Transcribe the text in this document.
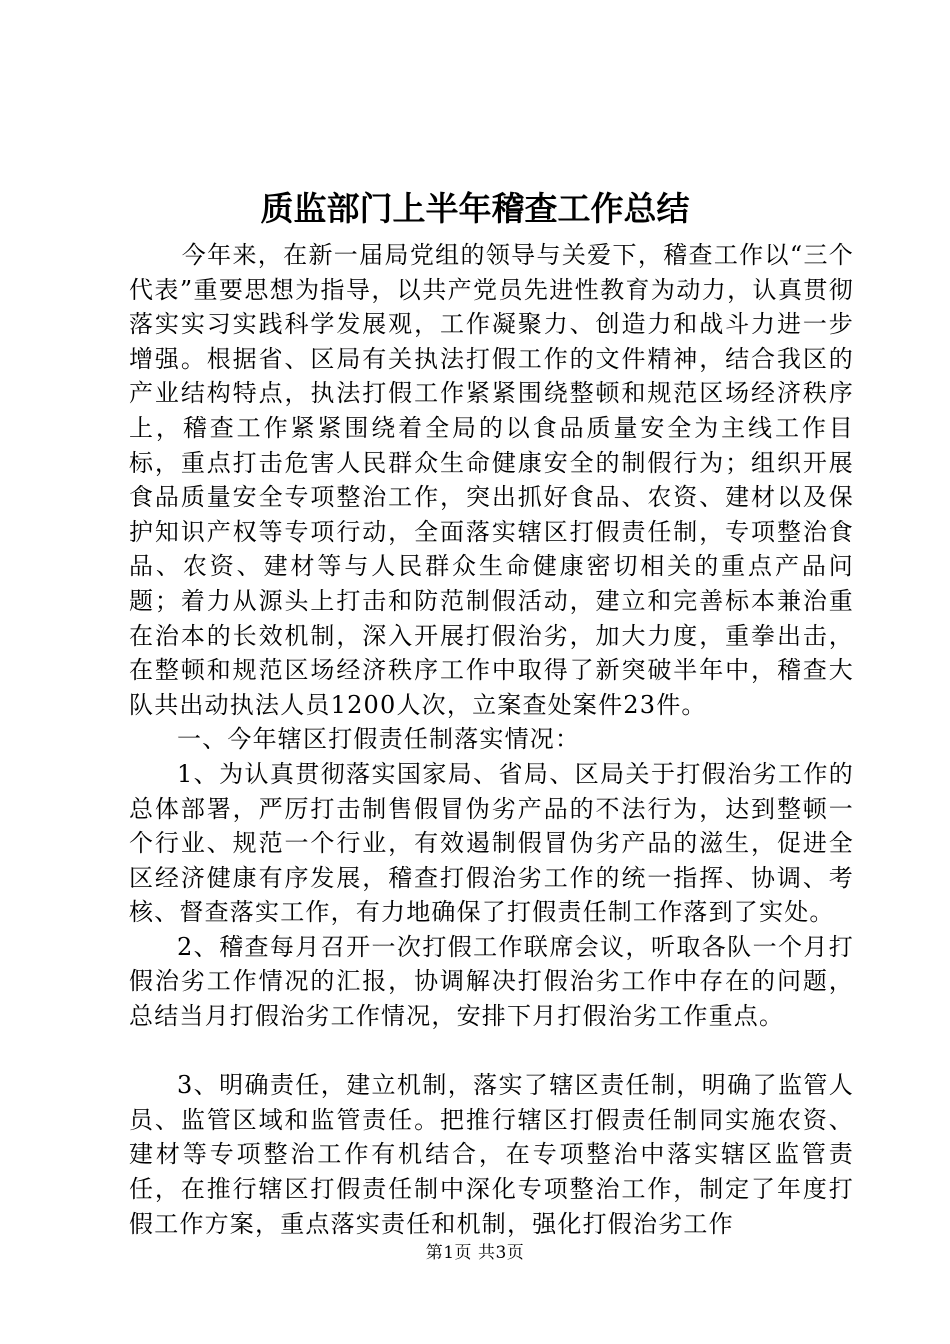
质监部门上半年稽查工作总结

今年来，在新一届局党组的领导与关爱下，稽查工作以“三个代表”重要思想为指导，以共产党员先进性教育为动力，认真贯彻落实实习实践科学发展观，工作凝聚力、创造力和战斗力进一步增强。根据省、区局有关执法打假工作的文件精神，结合我区的产业结构特点，执法打假工作紧紧围绕整顿和规范区场经济秩序上，稽查工作紧紧围绕着全局的以食品质量安全为主线工作目标，重点打击危害人民群众生命健康安全的制假行为；组织开展食品质量安全专项整治工作，突出抓好食品、农资、建材以及保护知识产权等专项行动，全面落实辖区打假责任制，专项整治食品、农资、建材等与人民群众生命健康密切相关的重点产品问题；着力从源头上打击和防范制假活动，建立和完善标本兼治重在治本的长效机制，深入开展打假治劣，加大力度，重拳出击，在整顿和规范区场经济秩序工作中取得了新突破半年中，稽查大队共出动执法人员1200人次，立案查处案件23件。

一、今年辖区打假责任制落实情况：

1、为认真贯彻落实国家局、省局、区局关于打假治劣工作的总体部署，严厉打击制售假冒伪劣产品的不法行为，达到整顿一个行业、规范一个行业，有效遏制假冒伪劣产品的滋生，促进全区经济健康有序发展，稽查打假治劣工作的统一指挥、协调、考核、督查落实工作，有力地确保了打假责任制工作落到了实处。

2、稽查每月召开一次打假工作联席会议，听取各队一个月打假治劣工作情况的汇报，协调解决打假治劣工作中存在的问题，总结当月打假治劣工作情况，安排下月打假治劣工作重点。

3、明确责任，建立机制，落实了辖区责任制，明确了监管人员、监管区域和监管责任。把推行辖区打假责任制同实施农资、建材等专项整治工作有机结合，在专项整治中落实辖区监管责任，在推行辖区打假责任制中深化专项整治工作，制定了年度打假工作方案，重点落实责任和机制，强化打假治劣工作

第1页 共3页
